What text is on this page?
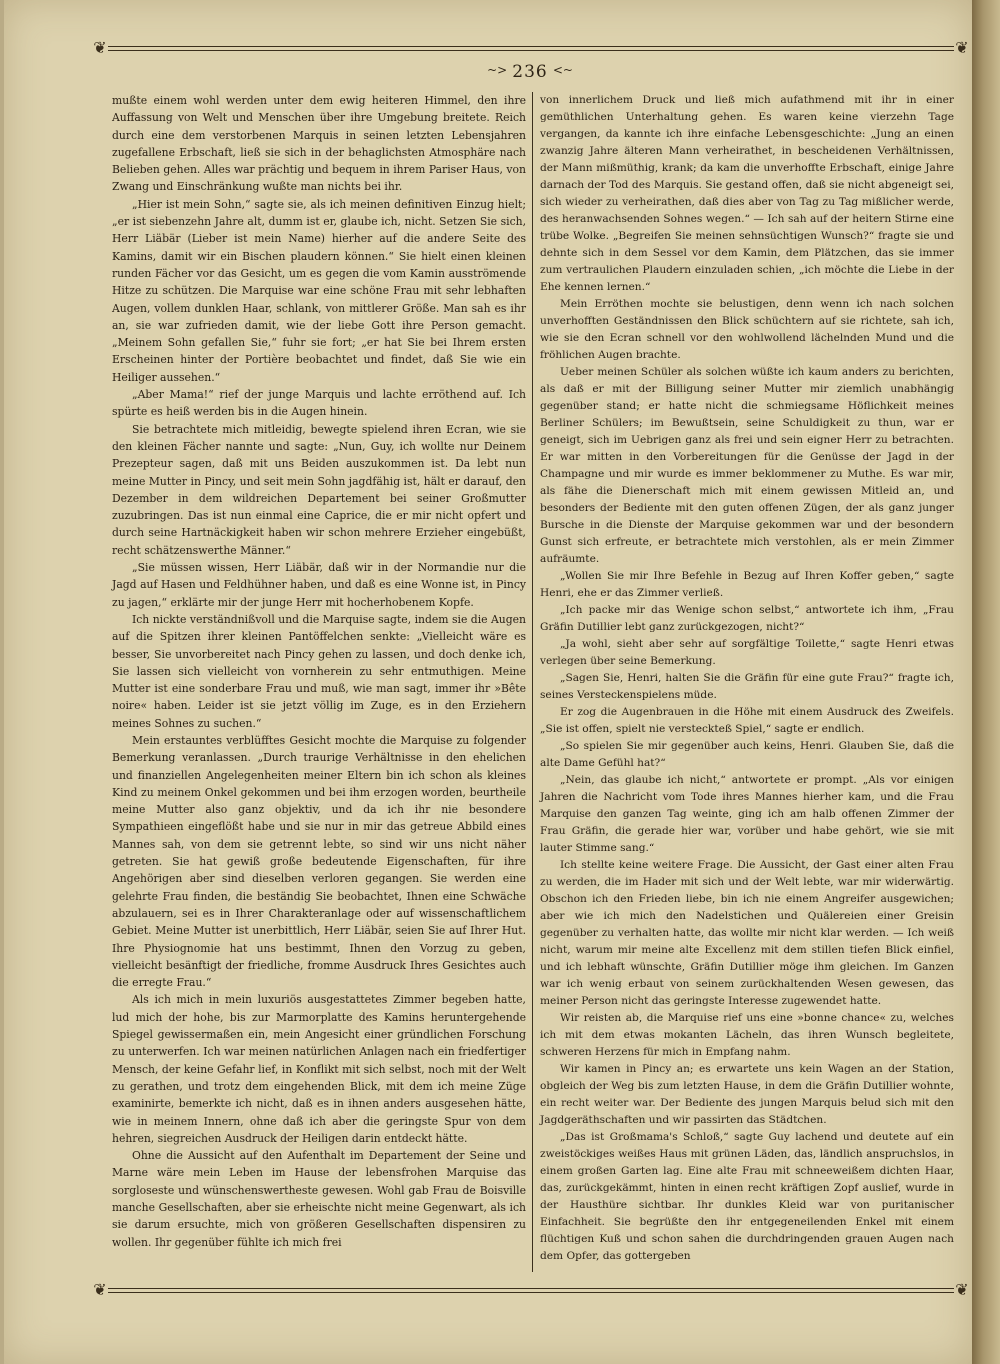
❦	❦
❦	❦
~> 236 <~

mußte einem wohl werden unter dem ewig heiteren Himmel, den ihre Auffassung von Welt und Menschen über ihre Umgebung breitete. Reich durch eine dem verstorbenen Marquis in seinen letzten Lebensjahren zugefallene Erbschaft, ließ sie sich in der behaglichsten Atmosphäre nach Belieben gehen. Alles war prächtig und bequem in ihrem Pariser Haus, von Zwang und Einschränkung wußte man nichts bei ihr.

„Hier ist mein Sohn,“ sagte sie, als ich meinen definitiven Einzug hielt; „er ist siebenzehn Jahre alt, dumm ist er, glaube ich, nicht. Setzen Sie sich, Herr Liäbär (Lieber ist mein Name) hierher auf die andere Seite des Kamins, damit wir ein Bischen plaudern können.“ Sie hielt einen kleinen runden Fächer vor das Gesicht, um es gegen die vom Kamin ausströmende Hitze zu schützen. Die Marquise war eine schöne Frau mit sehr lebhaften Augen, vollem dunklen Haar, schlank, von mittlerer Größe. Man sah es ihr an, sie war zufrieden damit, wie der liebe Gott ihre Person gemacht. „Meinem Sohn gefallen Sie,“ fuhr sie fort; „er hat Sie bei Ihrem ersten Erscheinen hinter der Portière beobachtet und findet, daß Sie wie ein Heiliger aussehen.“

„Aber Mama!“ rief der junge Marquis und lachte erröthend auf. Ich spürte es heiß werden bis in die Augen hinein.

Sie betrachtete mich mitleidig, bewegte spielend ihren Ecran, wie sie den kleinen Fächer nannte und sagte: „Nun, Guy, ich wollte nur Deinem Prezepteur sagen, daß mit uns Beiden auszukommen ist. Da lebt nun meine Mutter in Pincy, und seit mein Sohn jagdfähig ist, hält er darauf, den Dezember in dem wildreichen Departement bei seiner Großmutter zuzubringen. Das ist nun einmal eine Caprice, die er mir nicht opfert und durch seine Hartnäckigkeit haben wir schon mehrere Erzieher eingebüßt, recht schätzenswerthe Männer.“

„Sie müssen wissen, Herr Liäbär, daß wir in der Normandie nur die Jagd auf Hasen und Feldhühner haben, und daß es eine Wonne ist, in Pincy zu jagen,“ erklärte mir der junge Herr mit hocherhobenem Kopfe.

Ich nickte verständnißvoll und die Marquise sagte, indem sie die Augen auf die Spitzen ihrer kleinen Pantöffelchen senkte: „Vielleicht wäre es besser, Sie unvorbereitet nach Pincy gehen zu lassen, und doch denke ich, Sie lassen sich vielleicht von vornherein zu sehr entmuthigen. Meine Mutter ist eine sonderbare Frau und muß, wie man sagt, immer ihr »Bête noire« haben. Leider ist sie jetzt völlig im Zuge, es in den Erziehern meines Sohnes zu suchen.“

Mein erstauntes verblüfftes Gesicht mochte die Marquise zu folgender Bemerkung veranlassen. „Durch traurige Verhältnisse in den ehelichen und finanziellen Angelegenheiten meiner Eltern bin ich schon als kleines Kind zu meinem Onkel gekommen und bei ihm erzogen worden, beurtheile meine Mutter also ganz objektiv, und da ich ihr nie besondere Sympathieen eingeflößt habe und sie nur in mir das getreue Abbild eines Mannes sah, von dem sie getrennt lebte, so sind wir uns nicht näher getreten. Sie hat gewiß große bedeutende Eigenschaften, für ihre Angehörigen aber sind dieselben verloren gegangen. Sie werden eine gelehrte Frau finden, die beständig Sie beobachtet, Ihnen eine Schwäche abzulauern, sei es in Ihrer Charakteranlage oder auf wissenschaftlichem Gebiet. Meine Mutter ist unerbittlich, Herr Liäbär, seien Sie auf Ihrer Hut. Ihre Physiognomie hat uns bestimmt, Ihnen den Vorzug zu geben, vielleicht besänftigt der friedliche, fromme Ausdruck Ihres Gesichtes auch die erregte Frau.“

Als ich mich in mein luxuriös ausgestattetes Zimmer begeben hatte, lud mich der hohe, bis zur Marmorplatte des Kamins heruntergehende Spiegel gewissermaßen ein, mein Angesicht einer gründlichen Forschung zu unterwerfen. Ich war meinen natürlichen Anlagen nach ein friedfertiger Mensch, der keine Gefahr lief, in Konflikt mit sich selbst, noch mit der Welt zu gerathen, und trotz dem eingehenden Blick, mit dem ich meine Züge examinirte, bemerkte ich nicht, daß es in ihnen anders ausgesehen hätte, wie in meinem Innern, ohne daß ich aber die geringste Spur von dem hehren, siegreichen Ausdruck der Heiligen darin entdeckt hätte.

Ohne die Aussicht auf den Aufenthalt im Departement der Seine und Marne wäre mein Leben im Hause der lebensfrohen Marquise das sorgloseste und wünschenswertheste gewesen. Wohl gab Frau de Boisville manche Gesellschaften, aber sie erheischte nicht meine Gegenwart, als ich sie darum ersuchte, mich von größeren Gesellschaften dispensiren zu wollen. Ihr gegenüber fühlte ich mich frei

von innerlichem Druck und ließ mich aufathmend mit ihr in einer gemüthlichen Unterhaltung gehen. Es waren keine vierzehn Tage vergangen, da kannte ich ihre einfache Lebensgeschichte: „Jung an einen zwanzig Jahre älteren Mann verheirathet, in bescheidenen Verhältnissen, der Mann mißmüthig, krank; da kam die unverhoffte Erbschaft, einige Jahre darnach der Tod des Marquis. Sie gestand offen, daß sie nicht abgeneigt sei, sich wieder zu verheirathen, daß dies aber von Tag zu Tag mißlicher werde, des heranwachsenden Sohnes wegen.“ — Ich sah auf der heitern Stirne eine trübe Wolke. „Begreifen Sie meinen sehnsüchtigen Wunsch?“ fragte sie und dehnte sich in dem Sessel vor dem Kamin, dem Plätzchen, das sie immer zum vertraulichen Plaudern einzuladen schien, „ich möchte die Liebe in der Ehe kennen lernen.“

Mein Erröthen mochte sie belustigen, denn wenn ich nach solchen unverhofften Geständnissen den Blick schüchtern auf sie richtete, sah ich, wie sie den Ecran schnell vor den wohlwollend lächelnden Mund und die fröhlichen Augen brachte.

Ueber meinen Schüler als solchen wüßte ich kaum anders zu berichten, als daß er mit der Billigung seiner Mutter mir ziemlich unabhängig gegenüber stand; er hatte nicht die schmiegsame Höflichkeit meines Berliner Schülers; im Bewußtsein, seine Schuldigkeit zu thun, war er geneigt, sich im Uebrigen ganz als frei und sein eigner Herr zu betrachten. Er war mitten in den Vorbereitungen für die Genüsse der Jagd in der Champagne und mir wurde es immer beklommener zu Muthe. Es war mir, als fähe die Dienerschaft mich mit einem gewissen Mitleid an, und besonders der Bediente mit den guten offenen Zügen, der als ganz junger Bursche in die Dienste der Marquise gekommen war und der besondern Gunst sich erfreute, er betrachtete mich verstohlen, als er mein Zimmer aufräumte.

„Wollen Sie mir Ihre Befehle in Bezug auf Ihren Koffer geben,“ sagte Henri, ehe er das Zimmer verließ.

„Ich packe mir das Wenige schon selbst,“ antwortete ich ihm, „Frau Gräfin Dutillier lebt ganz zurückgezogen, nicht?“

„Ja wohl, sieht aber sehr auf sorgfältige Toilette,“ sagte Henri etwas verlegen über seine Bemerkung.

„Sagen Sie, Henri, halten Sie die Gräfin für eine gute Frau?“ fragte ich, seines Versteckenspielens müde.

Er zog die Augenbrauen in die Höhe mit einem Ausdruck des Zweifels. „Sie ist offen, spielt nie versteckteß Spiel,“ sagte er endlich.

„So spielen Sie mir gegenüber auch keins, Henri. Glauben Sie, daß die alte Dame Gefühl hat?“

„Nein, das glaube ich nicht,“ antwortete er prompt. „Als vor einigen Jahren die Nachricht vom Tode ihres Mannes hierher kam, und die Frau Marquise den ganzen Tag weinte, ging ich am halb offenen Zimmer der Frau Gräfin, die gerade hier war, vorüber und habe gehört, wie sie mit lauter Stimme sang.“

Ich stellte keine weitere Frage. Die Aussicht, der Gast einer alten Frau zu werden, die im Hader mit sich und der Welt lebte, war mir widerwärtig. Obschon ich den Frieden liebe, bin ich nie einem Angreifer ausgewichen; aber wie ich mich den Nadelstichen und Quälereien einer Greisin gegenüber zu verhalten hatte, das wollte mir nicht klar werden. — Ich weiß nicht, warum mir meine alte Excellenz mit dem stillen tiefen Blick einfiel, und ich lebhaft wünschte, Gräfin Dutillier möge ihm gleichen. Im Ganzen war ich wenig erbaut von seinem zurückhaltenden Wesen gewesen, das meiner Person nicht das geringste Interesse zugewendet hatte.

Wir reisten ab, die Marquise rief uns eine »bonne chance« zu, welches ich mit dem etwas mokanten Lächeln, das ihren Wunsch begleitete, schweren Herzens für mich in Empfang nahm.

Wir kamen in Pincy an; es erwartete uns kein Wagen an der Station, obgleich der Weg bis zum letzten Hause, in dem die Gräfin Dutillier wohnte, ein recht weiter war. Der Bediente des jungen Marquis belud sich mit den Jagdgeräthschaften und wir passirten das Städtchen.

„Das ist Großmama's Schloß,“ sagte Guy lachend und deutete auf ein zweistöckiges weißes Haus mit grünen Läden, das, ländlich anspruchslos, in einem großen Garten lag. Eine alte Frau mit schneeweißem dichten Haar, das, zurückgekämmt, hinten in einen recht kräftigen Zopf auslief, wurde in der Hausthüre sichtbar. Ihr dunkles Kleid war von puritanischer Einfachheit. Sie begrüßte den ihr entgegeneilenden Enkel mit einem flüchtigen Kuß und schon sahen die durchdringenden grauen Augen nach dem Opfer, das gottergeben
